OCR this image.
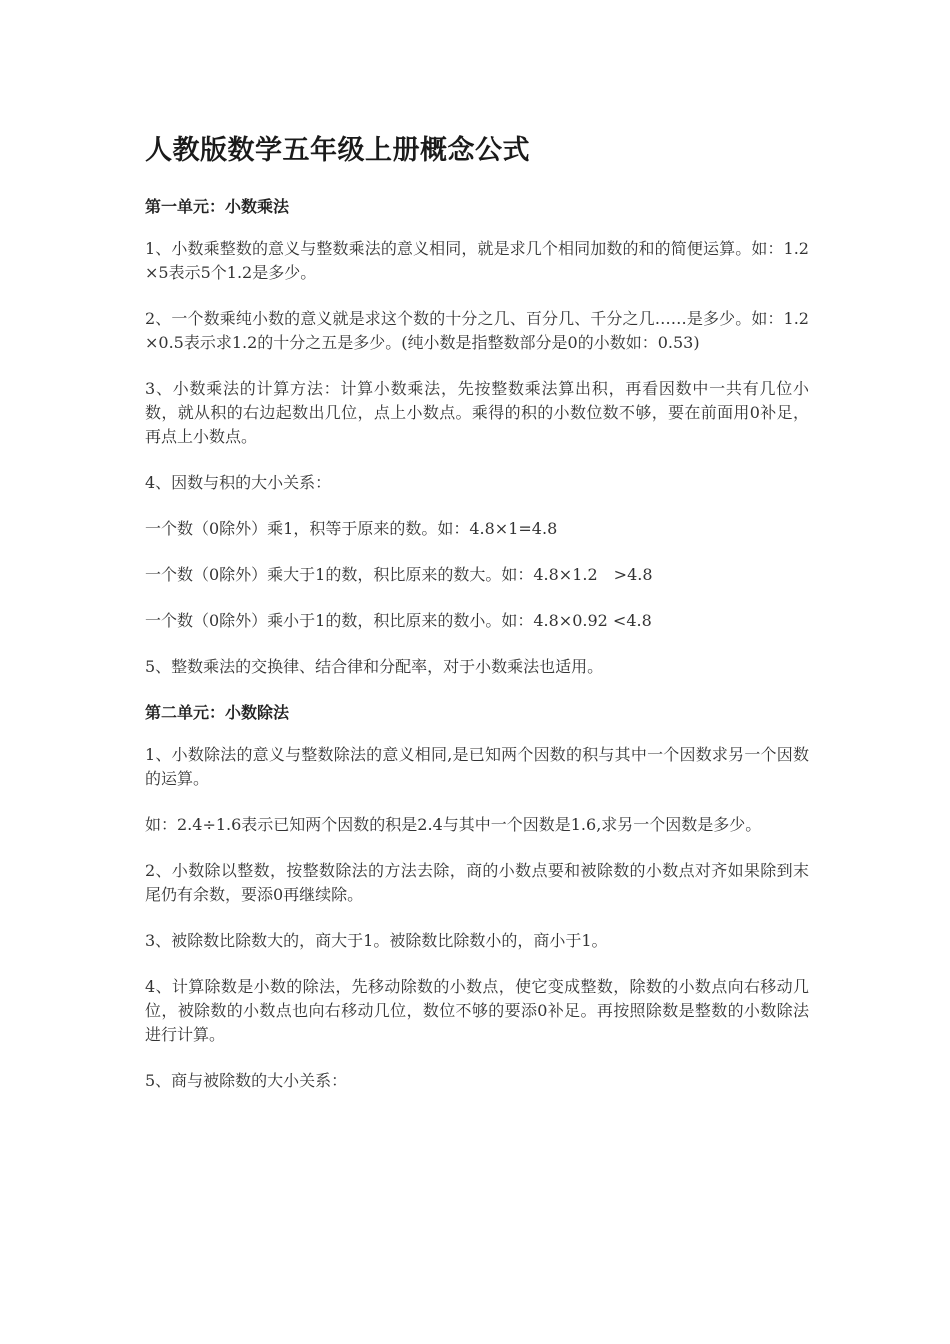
人教版数学五年级上册概念公式
第一单元：小数乘法

1、小数乘整数的意义与整数乘法的意义相同，就是求几个相同加数的和的简便运算。如：1.2×5表示5个1.2是多少。

2、一个数乘纯小数的意义就是求这个数的十分之几、百分几、千分之几……是多少。如：1.2×0.5表示求1.2的十分之五是多少。(纯小数是指整数部分是0的小数如：0.53)

3、小数乘法的计算方法：计算小数乘法，先按整数乘法算出积，再看因数中一共有几位小数，就从积的右边起数出几位，点上小数点。乘得的积的小数位数不够，要在前面用0补足，再点上小数点。

4、因数与积的大小关系：

一个数（0除外）乘1，积等于原来的数。如：4.8×1=4.8

一个数（0除外）乘大于1的数，积比原来的数大。如：4.8×1.2　>4.8

一个数（0除外）乘小于1的数，积比原来的数小。如：4.8×0.92 <4.8

5、整数乘法的交换律、结合律和分配率，对于小数乘法也适用。

第二单元：小数除法

1、小数除法的意义与整数除法的意义相同,是已知两个因数的积与其中一个因数求另一个因数的运算。

如：2.4÷1.6表示已知两个因数的积是2.4与其中一个因数是1.6,求另一个因数是多少。

2、小数除以整数，按整数除法的方法去除，商的小数点要和被除数的小数点对齐如果除到末尾仍有余数，要添0再继续除。

3、被除数比除数大的，商大于1。被除数比除数小的，商小于1。

4、计算除数是小数的除法，先移动除数的小数点，使它变成整数，除数的小数点向右移动几位，被除数的小数点也向右移动几位，数位不够的要添0补足。再按照除数是整数的小数除法进行计算。

5、商与被除数的大小关系：
